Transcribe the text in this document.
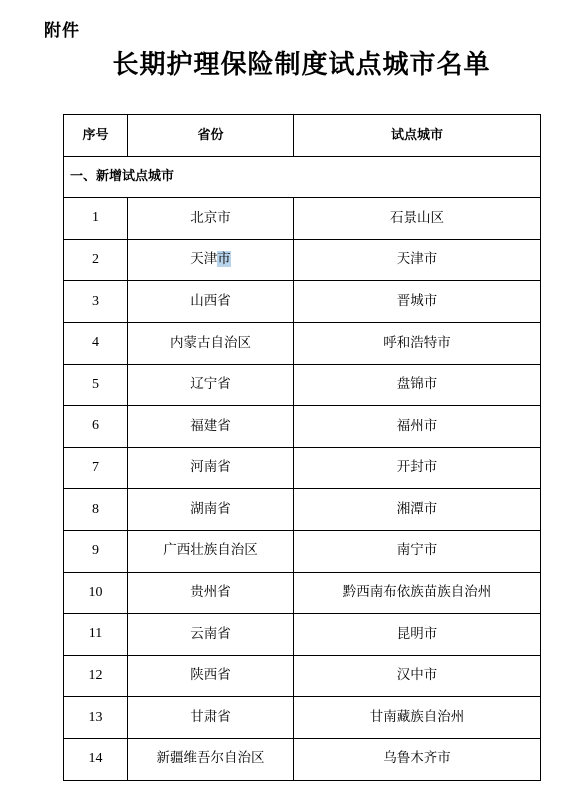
附件
长期护理保险制度试点城市名单
序号	省份	试点城市
一、新增试点城市		
1	北京市	石景山区
2	天津市	天津市
3	山西省	晋城市
4	内蒙古自治区	呼和浩特市
5	辽宁省	盘锦市
6	福建省	福州市
7	河南省	开封市
8	湖南省	湘潭市
9	广西壮族自治区	南宁市
10	贵州省	黔西南布依族苗族自治州
11	云南省	昆明市
12	陕西省	汉中市
13	甘肃省	甘南藏族自治州
14	新疆维吾尔自治区	乌鲁木齐市
